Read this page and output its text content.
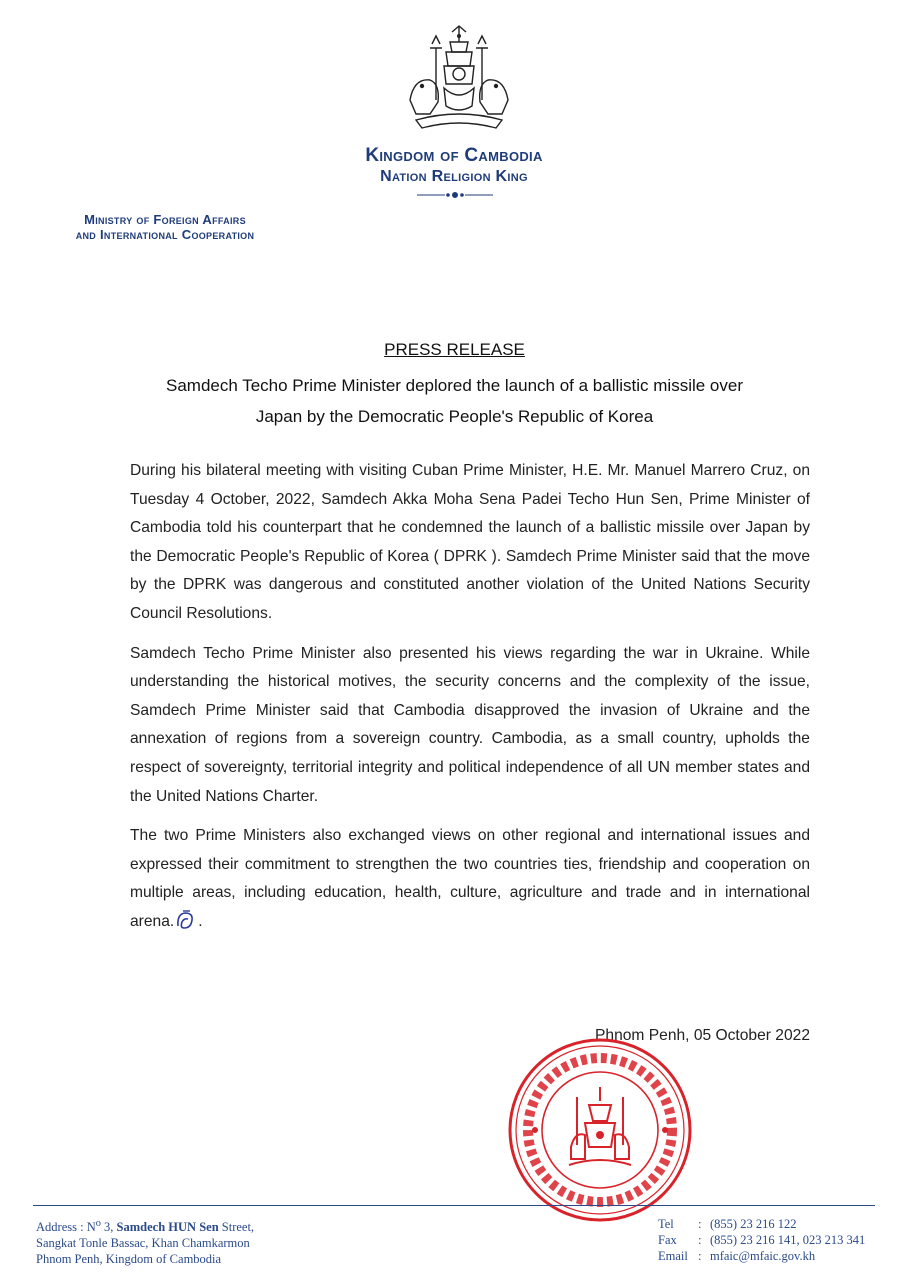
Kingdom of Cambodia
Nation Religion King
Ministry of Foreign Affairs
and International Cooperation
PRESS RELEASE
Samdech Techo Prime Minister deplored the launch of a ballistic missile over
Japan by the Democratic People's Republic of Korea

During his bilateral meeting with visiting Cuban Prime Minister, H.E. Mr. Manuel Marrero Cruz, on Tuesday 4 October, 2022, Samdech Akka Moha Sena Padei Techo Hun Sen, Prime Minister of Cambodia told his counterpart that he condemned the launch of a ballistic missile over Japan by the Democratic People's Republic of Korea ( DPRK ). Samdech Prime Minister said that the move by the DPRK was dangerous and constituted another violation of the United Nations Security Council Resolutions.

Samdech Techo Prime Minister also presented his views regarding the war in Ukraine. While understanding the historical motives, the security concerns and the complexity of the issue, Samdech Prime Minister said that Cambodia disapproved the invasion of Ukraine and the annexation of regions from a sovereign country. Cambodia, as a small country, upholds the respect of sovereignty, territorial integrity and political independence of all UN member states and the United Nations Charter.

The two Prime Ministers also exchanged views on other regional and international issues and expressed their commitment to strengthen the two countries ties, friendship and cooperation on multiple areas, including education, health, culture, agriculture and trade and in international arena. .

Phnom Penh, 05 October 2022
Address : $N^o$ 3, Samdech HUN Sen Street,
Sangkat Tonle Bassac, Khan Chamkarmon
Phnom Penh, Kingdom of Cambodia
Tel	: (855) 23 216 122
Fax	: (855) 23 216 141, 023 213 341
Email : mfaic@mfaic.gov.kh
